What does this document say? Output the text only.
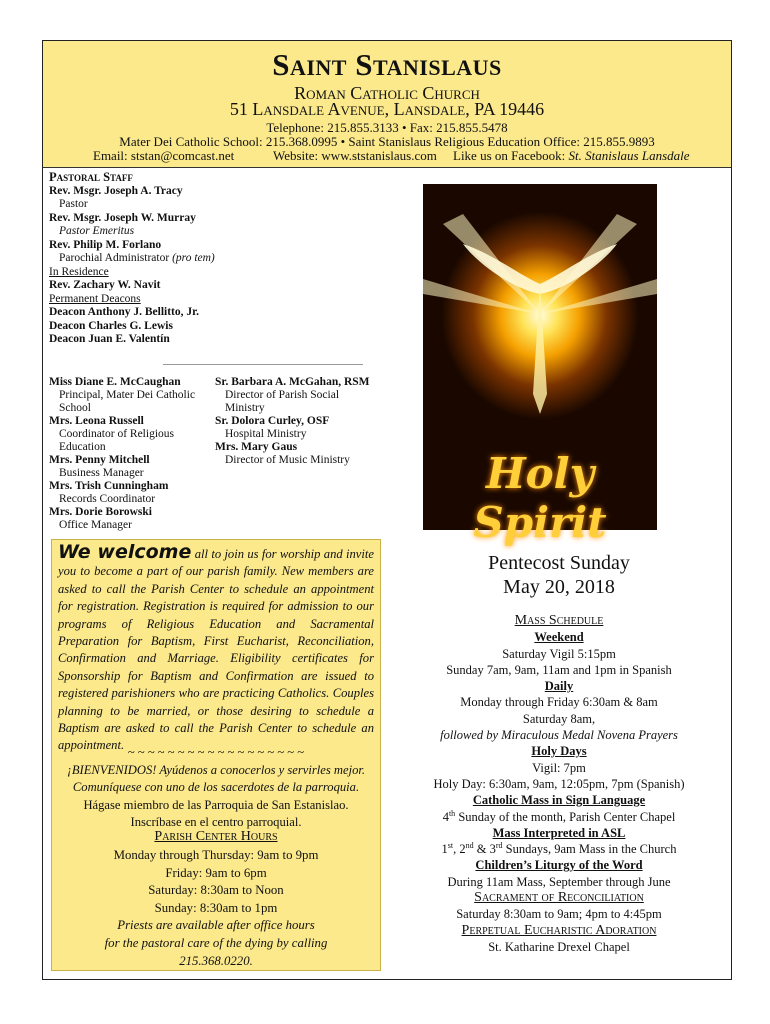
Saint Stanislaus
Roman Catholic Church
51 Lansdale Avenue, Lansdale, PA 19446
Telephone: 215.855.3133 • Fax: 215.855.5478
Mater Dei Catholic School: 215.368.0995 • Saint Stanislaus Religious Education Office: 215.855.9893
Email: ststan@comcast.net	Website: www.ststanislaus.com Like us on Facebook: St. Stanislaus Lansdale
Pastoral Staff
Rev. Msgr. Joseph A. Tracy
Pastor
Rev. Msgr. Joseph W. Murray
Pastor Emeritus
Rev. Philip M. Forlano
Parochial Administrator (pro tem)
In Residence
Rev. Zachary W. Navit
Permanent Deacons
Deacon Anthony J. Bellitto, Jr.
Deacon Charles G. Lewis
Deacon Juan E. Valentín
Miss Diane E. McCaughan
Principal, Mater Dei Catholic School
Mrs. Leona Russell
Coordinator of Religious Education
Mrs. Penny Mitchell
Business Manager
Mrs. Trish Cunningham
Records Coordinator
Mrs. Dorie Borowski
Office Manager
Sr. Barbara A. McGahan, RSM
Director of Parish Social Ministry
Sr. Dolora Curley, OSF
Hospital Ministry
Mrs. Mary Gaus
Director of Music Ministry	Holy Spirit
We welcome all to join us for worship and invite you to become a part of our parish family. New members are asked to call the Parish Center to schedule an appointment for registration. Registration is required for admission to our programs of Religious Education and Sacramental Preparation for Baptism, First Eucharist, Reconciliation, Confirmation and Marriage. Eligibility certificates for Sponsorship for Baptism and Confirmation are issued to registered parishioners who are practicing Catholics. Couples planning to be married, or those desiring to schedule a Baptism are asked to call the Parish Center to schedule an appointment. ~ ~ ~ ~ ~ ~ ~ ~ ~ ~ ~ ~ ~ ~ ~ ~ ~ ~
¡BIENVENIDOS! Ayúdenos a conocerlos y servirles mejor.
Comuníquese con uno de los sacerdotes de la parroquia.
Hágase miembro de las Parroquia de San Estanislao.
Inscríbase en el centro parroquial.
Parish Center Hours
Monday through Thursday: 9am to 9pm
Friday: 9am to 6pm
Saturday: 8:30am to Noon
Sunday: 8:30am to 1pm
Priests are available after office hours
for the pastoral care of the dying by calling
215.368.0220.
Pentecost Sunday
May 20, 2018
Mass Schedule
Weekend
Saturday Vigil 5:15pm
Sunday 7am, 9am, 11am and 1pm in Spanish
Daily
Monday through Friday 6:30am & 8am
Saturday 8am,
followed by Miraculous Medal Novena Prayers
Holy Days
Vigil: 7pm
Holy Day: 6:30am, 9am, 12:05pm, 7pm (Spanish)
Catholic Mass in Sign Language
4th Sunday of the month, Parish Center Chapel
Mass Interpreted in ASL
1st, 2nd & 3rd Sundays, 9am Mass in the Church
Children’s Liturgy of the Word
During 11am Mass, September through June
Sacrament of Reconciliation
Saturday 8:30am to 9am; 4pm to 4:45pm
Perpetual Eucharistic Adoration
St. Katharine Drexel Chapel
